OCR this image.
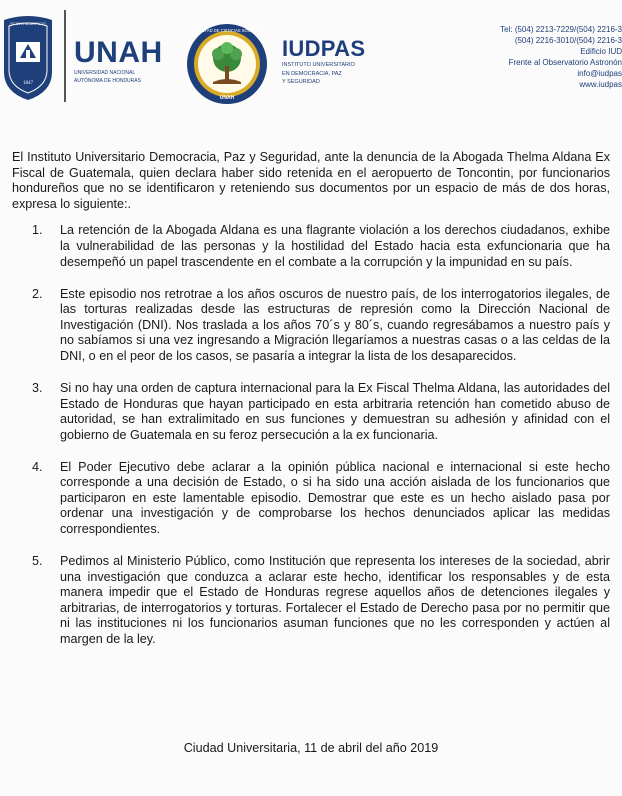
SCIENTIA ARPICIO
1847
UNAH
UNIVERSIDAD NACIONAL
AUTÓNOMA DE HONDURAS
FACULTAD DE CIENCIAS SOCIALES
UNAH
IUDPAS
INSTITUTO UNIVERSITARIO
EN DEMOCRACIA, PAZ
Y SEGURIDAD
Tel: (504) 2213-7229/(504) 2216-3
(504) 2216-3010/(504) 2216-3
Edificio IUD
Frente al Observatorio Astronón
info@iudpas
www.iudpas

El Instituto Universitario Democracia, Paz y Seguridad, ante la denuncia de la Abogada Thelma Aldana Ex Fiscal de Guatemala, quien declara haber sido retenida en el aeropuerto de Toncontin, por funcionarios hondureños que no se identificaron y reteniendo sus documentos por un espacio de más de dos horas, expresa lo siguiente:.

1.	La retención de la Abogada Aldana es una flagrante violación a los derechos ciudadanos, exhibe la vulnerabilidad de las personas y la hostilidad del Estado hacia esta exfuncionaria que ha desempeñó un papel trascendente en el combate a la corrupción y la impunidad en su país.
2.	Este episodio nos retrotrae a los años oscuros de nuestro país, de los interrogatorios ilegales, de las torturas realizadas desde las estructuras de represión como la Dirección Nacional de Investigación (DNI). Nos traslada a los años 70´s y 80´s, cuando regresábamos a nuestro país y no sabíamos si una vez ingresando a Migración llegaríamos a nuestras casas o a las celdas de la DNI, o en el peor de los casos, se pasaría a integrar la lista de los desaparecidos.
3.	Si no hay una orden de captura internacional para la Ex Fiscal Thelma Aldana, las autoridades del Estado de Honduras que hayan participado en esta arbitraria retención han cometido abuso de autoridad, se han extralimitado en sus funciones y demuestran su adhesión y afinidad con el gobierno de Guatemala en su feroz persecución a la ex funcionaria.
4.	El Poder Ejecutivo debe aclarar a la opinión pública nacional e internacional si este hecho corresponde a una decisión de Estado, o si ha sido una acción aislada de los funcionarios que participaron en este lamentable episodio. Demostrar que este es un hecho aislado pasa por ordenar una investigación y de comprobarse los hechos denunciados aplicar las medidas correspondientes.
5.	Pedimos al Ministerio Público, como Institución que representa los intereses de la sociedad, abrir una investigación que conduzca a aclarar este hecho, identificar los responsables y de esta manera impedir que el Estado de Honduras regrese aquellos años de detenciones ilegales y arbitrarias, de interrogatorios y torturas. Fortalecer el Estado de Derecho pasa por no permitir que ni las instituciones ni los funcionarios asuman funciones que no les corresponden y actúen al margen de la ley.
Ciudad Universitaria, 11 de abril del año 2019
